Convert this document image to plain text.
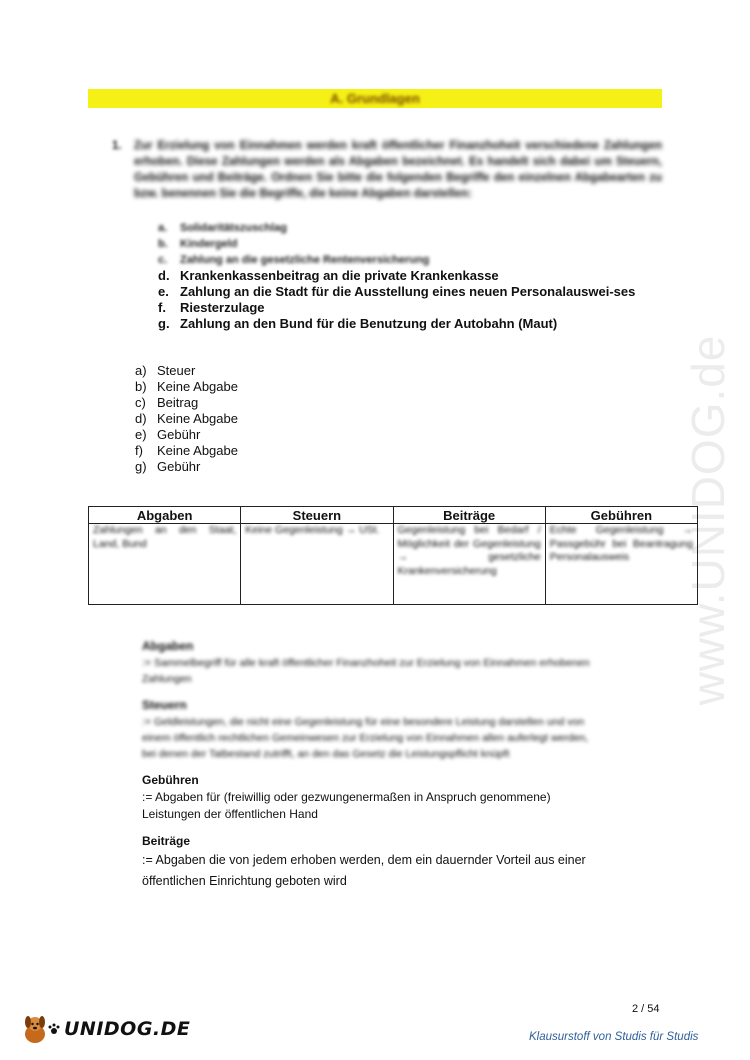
www.UNIDOG.de
A. Grundlagen
1. Zur Erzielung von Einnahmen werden kraft öffentlicher Finanzhoheit verschiedene Zahlungen erhoben. Diese Zahlungen werden als Abgaben bezeichnet. Es handelt sich dabei um Steuern, Gebühren und Beiträge. Ordnen Sie bitte die folgenden Begriffe den einzelnen Abgabearten zu bzw. benennen Sie die Begriffe, die keine Abgaben darstellen:
a.	Solidaritätszuschlag
b.	Kindergeld
c.	Zahlung an die gesetzliche Rentenversicherung
d. Krankenkassenbeitrag an die private Krankenkasse
e. Zahlung an die Stadt für die Ausstellung eines neuen Personalauswei-ses
f.	Riesterzulage
g. Zahlung an den Bund für die Benutzung der Autobahn (Maut)
a) Steuer
b) Keine Abgabe
c) Beitrag
d) Keine Abgabe
e) Gebühr
f)	Keine Abgabe
g) Gebühr
Abgaben	Steuern	Beiträge	Gebühren

Zahlungen an den Staat, Land, Bund	Keine Gegenleistung → USt.	Gegenleistung bei Bedarf / Möglichkeit der Gegenleistung → gesetzliche Krankenversicherung	Echte Gegenleistung → Passgebühr bei Beantragung Personalausweis
Abgaben
:= Sammelbegriff für alle kraft öffentlicher Finanzhoheit zur Erzielung von Einnahmen erhobenen Zahlungen
Steuern
:= Geldleistungen, die nicht eine Gegenleistung für eine besondere Leistung darstellen und von einem öffentlich rechtlichen Gemeinwesen zur Erzielung von Einnahmen allen auferlegt werden, bei denen der Tatbestand zutrifft, an den das Gesetz die Leistungspflicht knüpft
Gebühren
:= Abgaben für (freiwillig oder gezwungenermaßen in Anspruch genommene) Leistungen der öffentlichen Hand
Beiträge
:= Abgaben die von jedem erhoben werden, dem ein dauernder Vorteil aus einer öffentlichen Einrichtung geboten wird
2 / 54
UNIDOG.DE	Klausurstoff von Studis für Studis
